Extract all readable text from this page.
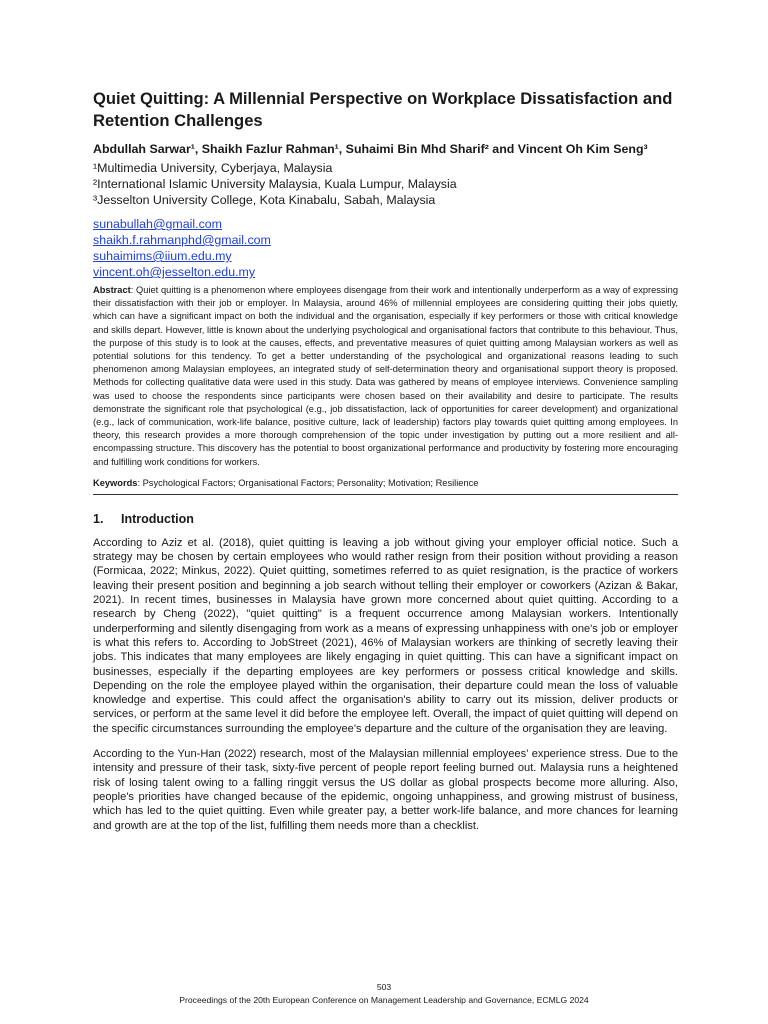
Quiet Quitting: A Millennial Perspective on Workplace Dissatisfaction and Retention Challenges
Abdullah Sarwar¹, Shaikh Fazlur Rahman¹, Suhaimi Bin Mhd Sharif² and Vincent Oh Kim Seng³
¹Multimedia University, Cyberjaya, Malaysia
²International Islamic University Malaysia, Kuala Lumpur, Malaysia
³Jesselton University College, Kota Kinabalu, Sabah, Malaysia
sunabullah@gmail.com
shaikh.f.rahmanphd@gmail.com
suhaimims@iium.edu.my
vincent.oh@jesselton.edu.my
Abstract: Quiet quitting is a phenomenon where employees disengage from their work and intentionally underperform as a way of expressing their dissatisfaction with their job or employer. In Malaysia, around 46% of millennial employees are considering quitting their jobs quietly, which can have a significant impact on both the individual and the organisation, especially if key performers or those with critical knowledge and skills depart. However, little is known about the underlying psychological and organisational factors that contribute to this behaviour. Thus, the purpose of this study is to look at the causes, effects, and preventative measures of quiet quitting among Malaysian workers as well as potential solutions for this tendency. To get a better understanding of the psychological and organizational reasons leading to such phenomenon among Malaysian employees, an integrated study of self-determination theory and organisational support theory is proposed. Methods for collecting qualitative data were used in this study. Data was gathered by means of employee interviews. Convenience sampling was used to choose the respondents since participants were chosen based on their availability and desire to participate. The results demonstrate the significant role that psychological (e.g., job dissatisfaction, lack of opportunities for career development) and organizational (e.g., lack of communication, work-life balance, positive culture, lack of leadership) factors play towards quiet quitting among employees. In theory, this research provides a more thorough comprehension of the topic under investigation by putting out a more resilient and all-encompassing structure. This discovery has the potential to boost organizational performance and productivity by fostering more encouraging and fulfilling work conditions for workers.
Keywords: Psychological Factors; Organisational Factors; Personality; Motivation; Resilience
1. Introduction

According to Aziz et al. (2018), quiet quitting is leaving a job without giving your employer official notice. Such a strategy may be chosen by certain employees who would rather resign from their position without providing a reason (Formicaa, 2022; Minkus, 2022). Quiet quitting, sometimes referred to as quiet resignation, is the practice of workers leaving their present position and beginning a job search without telling their employer or coworkers (Azizan & Bakar, 2021). In recent times, businesses in Malaysia have grown more concerned about quiet quitting. According to a research by Cheng (2022), "quiet quitting" is a frequent occurrence among Malaysian workers. Intentionally underperforming and silently disengaging from work as a means of expressing unhappiness with one's job or employer is what this refers to. According to JobStreet (2021), 46% of Malaysian workers are thinking of secretly leaving their jobs. This indicates that many employees are likely engaging in quiet quitting. This can have a significant impact on businesses, especially if the departing employees are key performers or possess critical knowledge and skills. Depending on the role the employee played within the organisation, their departure could mean the loss of valuable knowledge and expertise. This could affect the organisation's ability to carry out its mission, deliver products or services, or perform at the same level it did before the employee left. Overall, the impact of quiet quitting will depend on the specific circumstances surrounding the employee's departure and the culture of the organisation they are leaving.

According to the Yun-Han (2022) research, most of the Malaysian millennial employees’ experience stress. Due to the intensity and pressure of their task, sixty-five percent of people report feeling burned out. Malaysia runs a heightened risk of losing talent owing to a falling ringgit versus the US dollar as global prospects become more alluring. Also, people's priorities have changed because of the epidemic, ongoing unhappiness, and growing mistrust of business, which has led to the quiet quitting. Even while greater pay, a better work-life balance, and more chances for learning and growth are at the top of the list, fulfilling them needs more than a checklist.

503
Proceedings of the 20th European Conference on Management Leadership and Governance, ECMLG 2024
